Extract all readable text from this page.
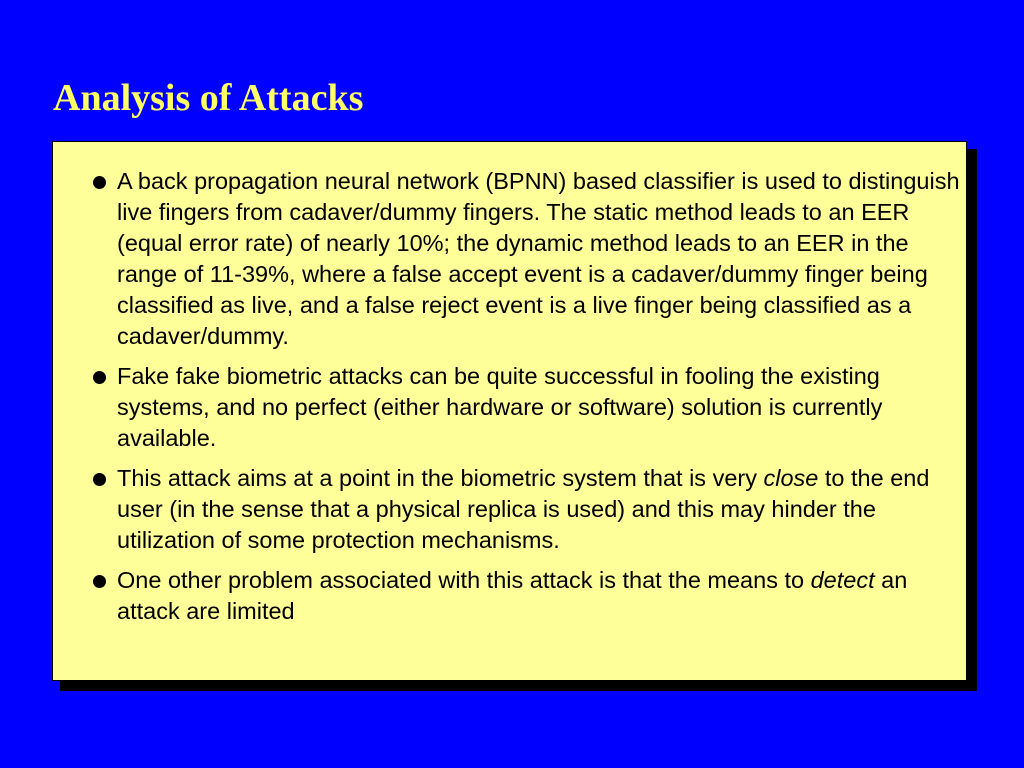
Analysis of Attacks
A back propagation neural network (BPNN) based classifier is used to distinguish live fingers from cadaver/dummy fingers. The static method leads to an EER (equal error rate) of nearly 10%; the dynamic method leads to an EER in the range of 11-39%, where a false accept event is a cadaver/dummy finger being classified as live, and a false reject event is a live finger being classified as a cadaver/dummy.
Fake fake biometric attacks can be quite successful in fooling the existing systems, and no perfect (either hardware or software) solution is currently available.
This attack aims at a point in the biometric system that is very close to the end user (in the sense that a physical replica is used) and this may hinder the utilization of some protection mechanisms.
One other problem associated with this attack is that the means to detect an attack are limited
